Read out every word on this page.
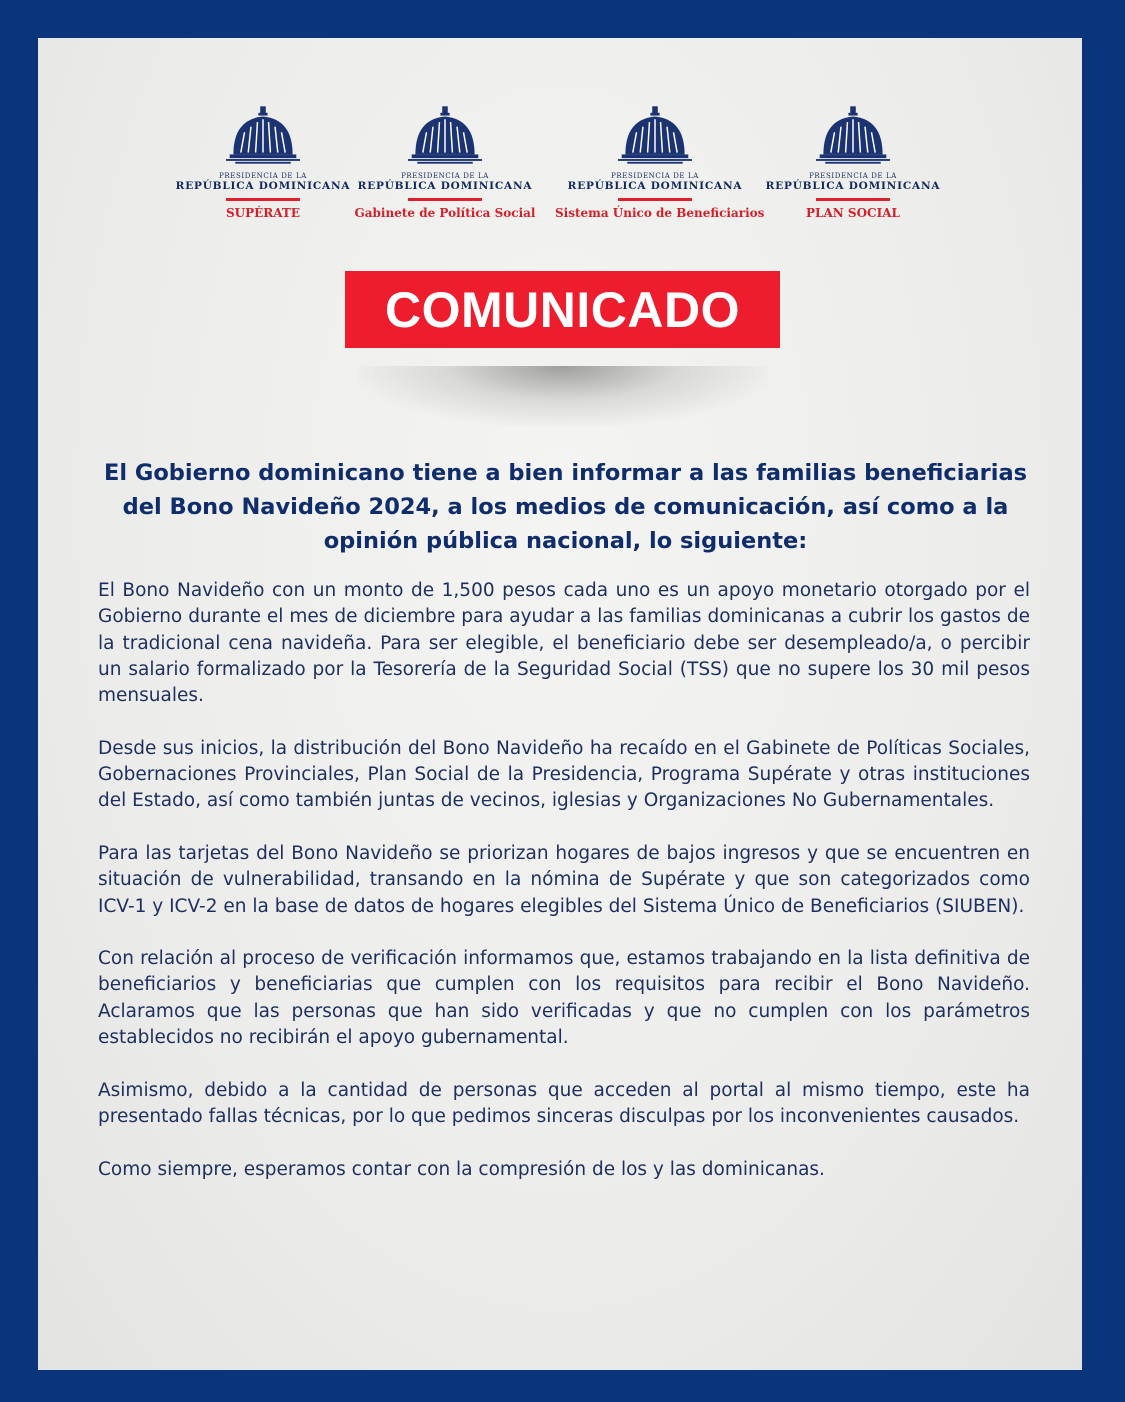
PRESIDENCIA DE LA
REPÚBLICA DOMINICANA
SUPÉRATE
PRESIDENCIA DE LA
REPÚBLICA DOMINICANA
Gabinete de Política Social
PRESIDENCIA DE LA
REPÚBLICA DOMINICANA
Sistema Único de Beneficiarios
PRESIDENCIA DE LA
REPÚBLICA DOMINICANA
PLAN SOCIAL
COMUNICADO
El Gobierno dominicano tiene a bien informar a las familias beneficiarias del Bono Navideño 2024, a los medios de comunicación, así como a la opinión pública nacional, lo siguiente:

El Bono Navideño con un monto de 1,500 pesos cada uno es un apoyo monetario otorgado por el Gobierno durante el mes de diciembre para ayudar a las familias dominicanas a cubrir los gastos de la tradicional cena navideña. Para ser elegible, el beneficiario debe ser desempleado/a, o percibir un salario formalizado por la Tesorería de la Seguridad Social (TSS) que no supere los 30 mil pesos mensuales.

Desde sus inicios, la distribución del Bono Navideño ha recaído en el Gabinete de Políticas Sociales, Gobernaciones Provinciales, Plan Social de la Presidencia, Programa Supérate y otras instituciones del Estado, así como también juntas de vecinos, iglesias y Organizaciones No Gubernamentales.

Para las tarjetas del Bono Navideño se priorizan hogares de bajos ingresos y que se encuentren en situación de vulnerabilidad, transando en la nómina de Supérate y que son categorizados como ICV-1 y ICV-2 en la base de datos de hogares elegibles del Sistema Único de Beneficiarios (SIUBEN).

Con relación al proceso de verificación informamos que, estamos trabajando en la lista definitiva de beneficiarios y beneficiarias que cumplen con los requisitos para recibir el Bono Navideño. Aclaramos que las personas que han sido verificadas y que no cumplen con los parámetros establecidos no recibirán el apoyo gubernamental.

Asimismo, debido a la cantidad de personas que acceden al portal al mismo tiempo, este ha presentado fallas técnicas, por lo que pedimos sinceras disculpas por los inconvenientes causados.

Como siempre, esperamos contar con la compresión de los y las dominicanas.
